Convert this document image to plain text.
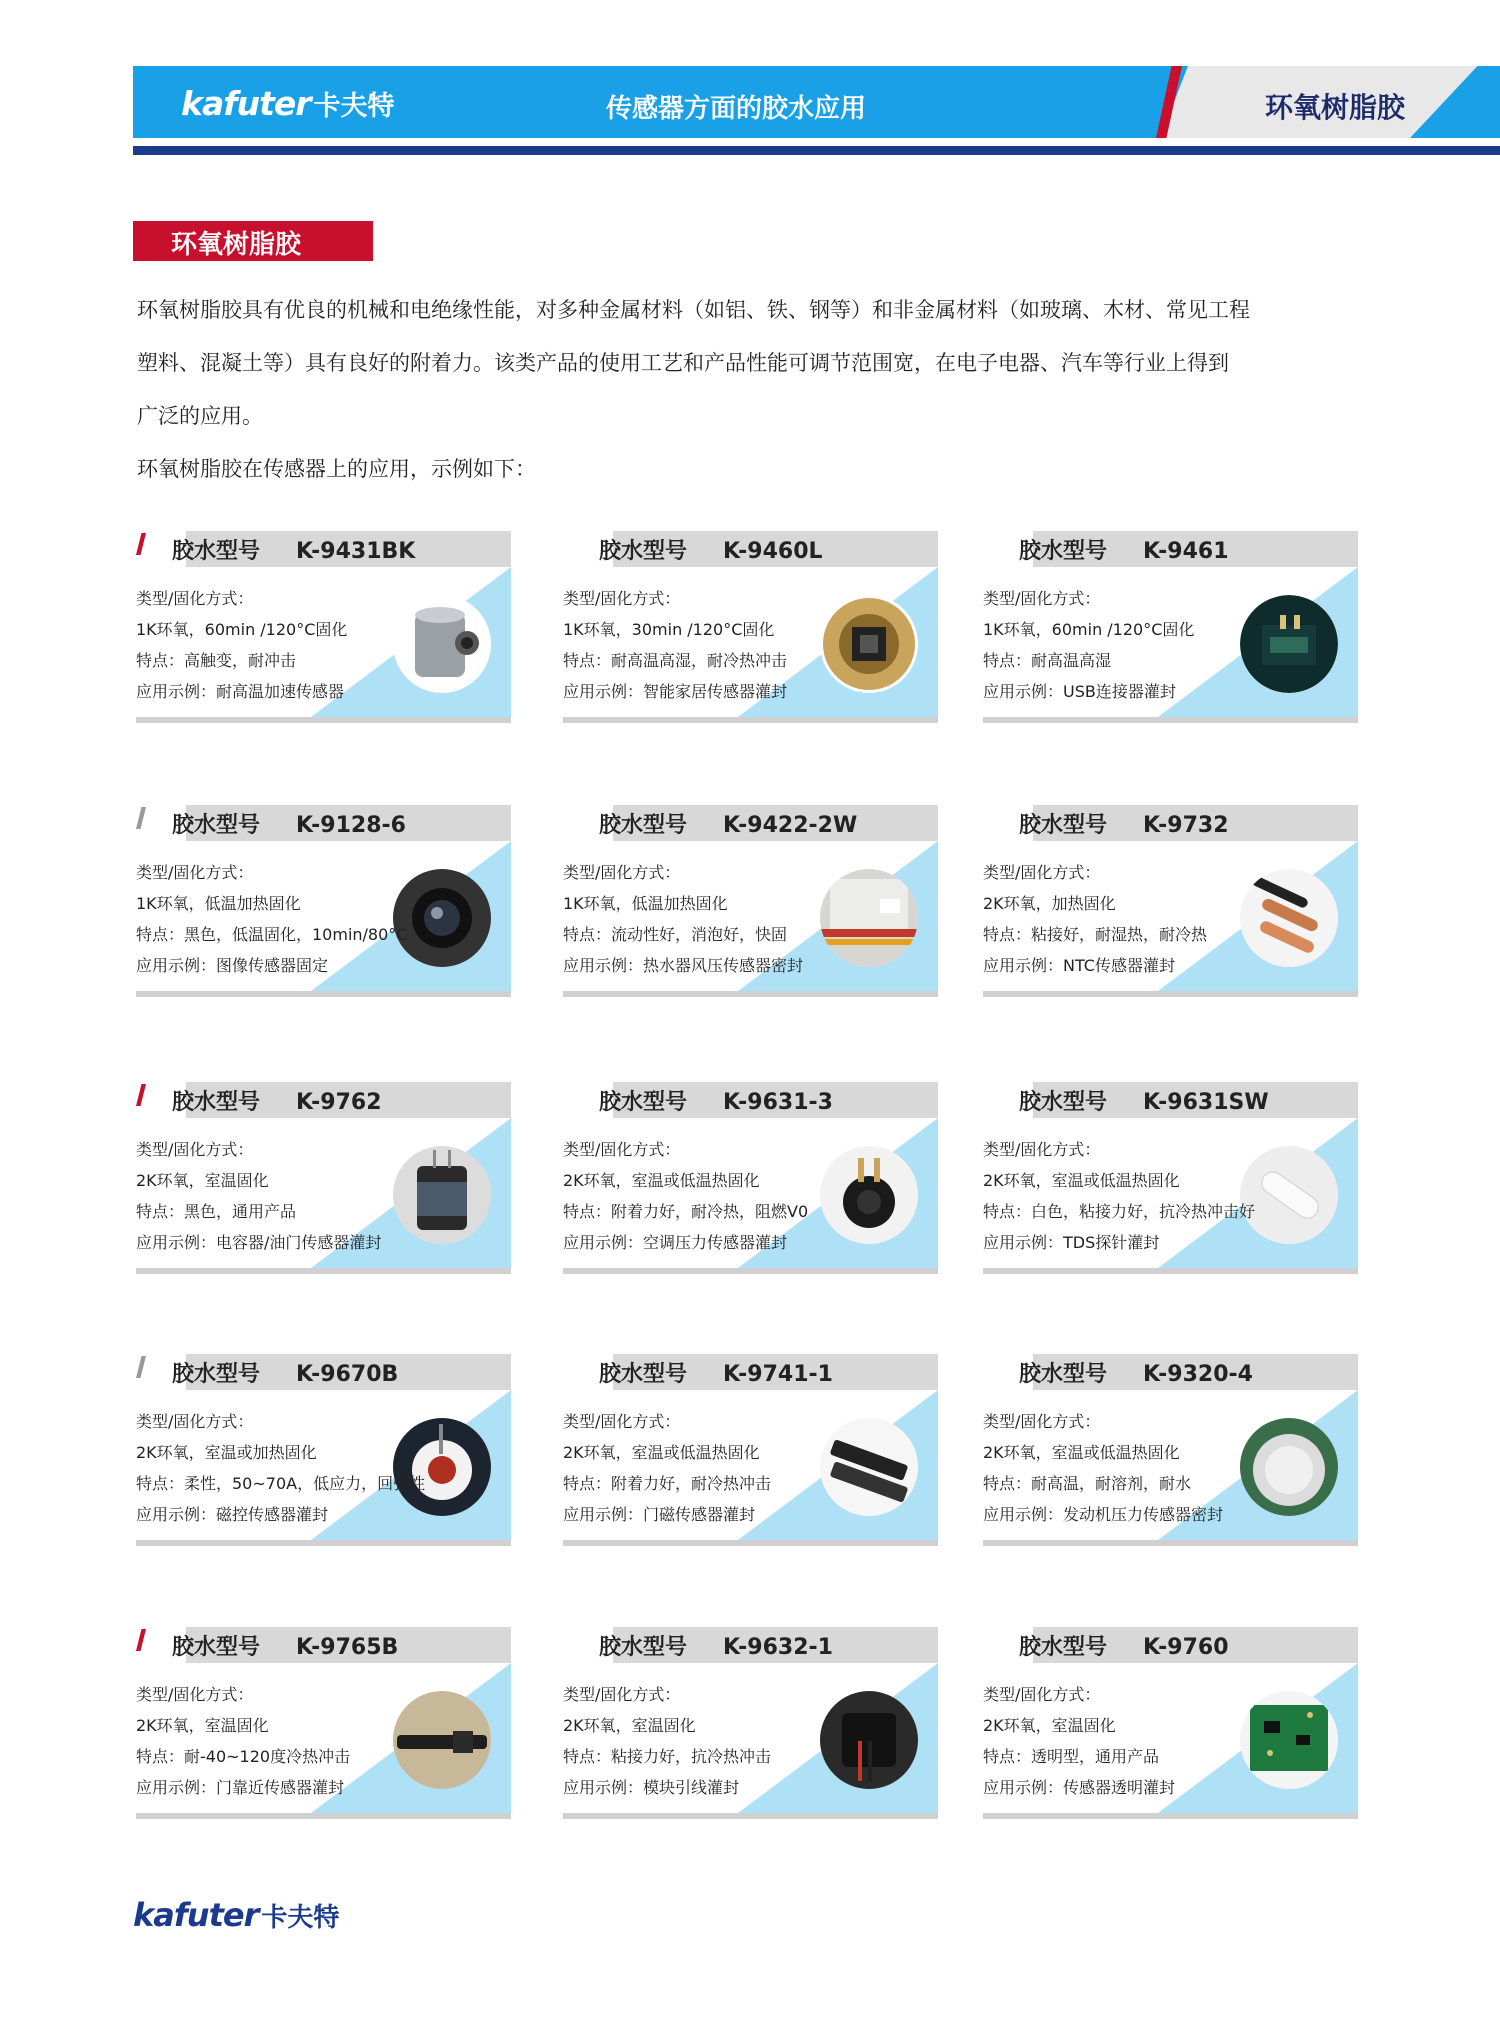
kafuter 卡夫特	传感器方面的胶水应用	环氧树脂胶
环氧树脂胶

环氧树脂胶具有优良的机械和电绝缘性能，对多种金属材料（如铝、铁、钢等）和非金属材料（如玻璃、木材、常见工程

塑料、混凝土等）具有良好的附着力。该类产品的使用工艺和产品性能可调节范围宽，在电子电器、汽车等行业上得到

广泛的应用。

环氧树脂胶在传感器上的应用，示例如下：

胶水型号 K-9431BK
类型/固化方式：
1K环氧，60min /120°C固化
特点：高触变，耐冲击
应用示例：耐高温加速传感器
胶水型号 K-9460L
类型/固化方式：
1K环氧，30min /120°C固化
特点：耐高温高湿，耐冷热冲击
应用示例：智能家居传感器灌封
胶水型号 K-9461
类型/固化方式：
1K环氧，60min /120°C固化
特点：耐高温高湿
应用示例：USB连接器灌封
胶水型号 K-9128-6
类型/固化方式：
1K环氧，低温加热固化
特点：黑色，低温固化，10min/80°C
应用示例：图像传感器固定
胶水型号 K-9422-2W
类型/固化方式：
1K环氧，低温加热固化
特点：流动性好，消泡好，快固
应用示例：热水器风压传感器密封
胶水型号 K-9732
类型/固化方式：
2K环氧，加热固化
特点：粘接好，耐湿热，耐冷热
应用示例：NTC传感器灌封
胶水型号 K-9762
类型/固化方式：
2K环氧，室温固化
特点：黑色，通用产品
应用示例：电容器/油门传感器灌封
胶水型号 K-9631-3
类型/固化方式：
2K环氧，室温或低温热固化
特点：附着力好，耐冷热，阻燃V0
应用示例：空调压力传感器灌封
胶水型号 K-9631SW
类型/固化方式：
2K环氧，室温或低温热固化
特点：白色，粘接力好，抗冷热冲击好
应用示例：TDS探针灌封
胶水型号 K-9670B
类型/固化方式：
2K环氧，室温或加热固化
特点：柔性，50~70A，低应力，回弹性
应用示例：磁控传感器灌封
胶水型号 K-9741-1
类型/固化方式：
2K环氧，室温或低温热固化
特点：附着力好，耐冷热冲击
应用示例：门磁传感器灌封
胶水型号 K-9320-4
类型/固化方式：
2K环氧，室温或低温热固化
特点：耐高温，耐溶剂，耐水
应用示例：发动机压力传感器密封
胶水型号 K-9765B
类型/固化方式：
2K环氧，室温固化
特点：耐-40~120度冷热冲击
应用示例：门靠近传感器灌封
胶水型号 K-9632-1
类型/固化方式：
2K环氧，室温固化
特点：粘接力好，抗冷热冲击
应用示例：模块引线灌封
胶水型号 K-9760
类型/固化方式：
2K环氧，室温固化
特点：透明型，通用产品
应用示例：传感器透明灌封
kafuter 卡夫特
